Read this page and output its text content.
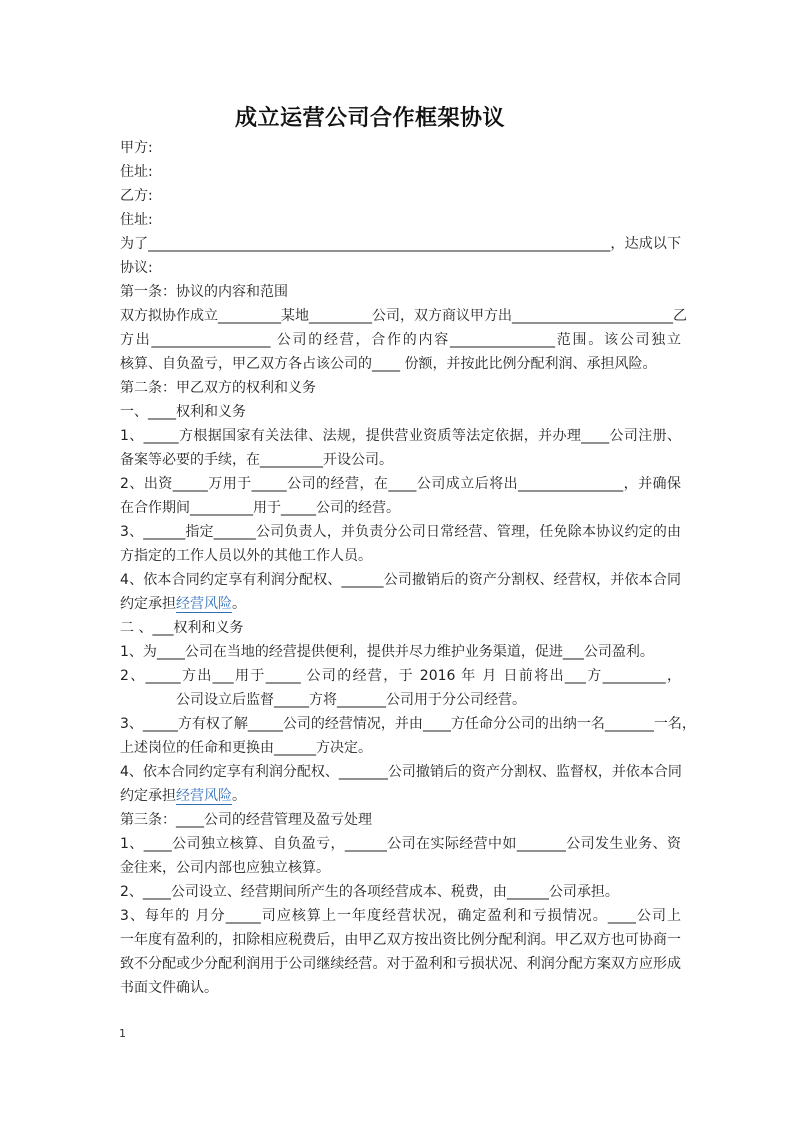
成立运营公司合作框架协议
甲方:
住址:
乙方:
住址:
为了__________________________________________________________________，达成以下
协议:
第一条：协议的内容和范围
双方拟协作成立_________某地_________公司，双方商议甲方出_______________________乙
方出_________________ 公司的经营，合作的内容_______________范围。该公司独立
核算、自负盈亏，甲乙双方各占该公司的____ 份额，并按此比例分配利润、承担风险。
第二条：甲乙双方的权利和义务
一、____权利和义务
1、_____方根据国家有关法律、法规，提供营业资质等法定依据，并办理____公司注册、
备案等必要的手续，在_________开设公司。
2、出资_____万用于_____公司的经营，在____公司成立后将出_______________，并确保
在合作期间_________用于_____公司的经营。
3、______指定______公司负责人，并负责分公司日常经营、管理，任免除本协议约定的由
方指定的工作人员以外的其他工作人员。
4、依本合同约定享有利润分配权、______公司撤销后的资产分割权、经营权，并依本合同
约定承担经营风险。
二 、___权利和义务
1、为____公司在当地的经营提供便利，提供并尽力维护业务渠道，促进___公司盈利。
2、_____方出___用于_____ 公司的经营，于 2016 年 月 日前将出___方_________，
　　　　公司设立后监督_____方将_______公司用于分公司经营。
3、_____方有权了解_____公司的经营情况，并由____方任命分公司的出纳一名_______一名，
上述岗位的任命和更换由______方决定。
4、依本合同约定享有利润分配权、_______公司撤销后的资产分割权、监督权，并依本合同
约定承担经营风险。
第三条：____公司的经营管理及盈亏处理
1、____公司独立核算、自负盈亏，______公司在实际经营中如_______公司发生业务、资
金往来，公司内部也应独立核算。
2、____公司设立、经营期间所产生的各项经营成本、税费，由______公司承担。
3、每年的 月分_____司应核算上一年度经营状况，确定盈利和亏损情况。____公司上
一年度有盈利的，扣除相应税费后，由甲乙双方按出资比例分配利润。甲乙双方也可协商一
致不分配或少分配利润用于公司继续经营。对于盈利和亏损状况、利润分配方案双方应形成
书面文件确认。
1
